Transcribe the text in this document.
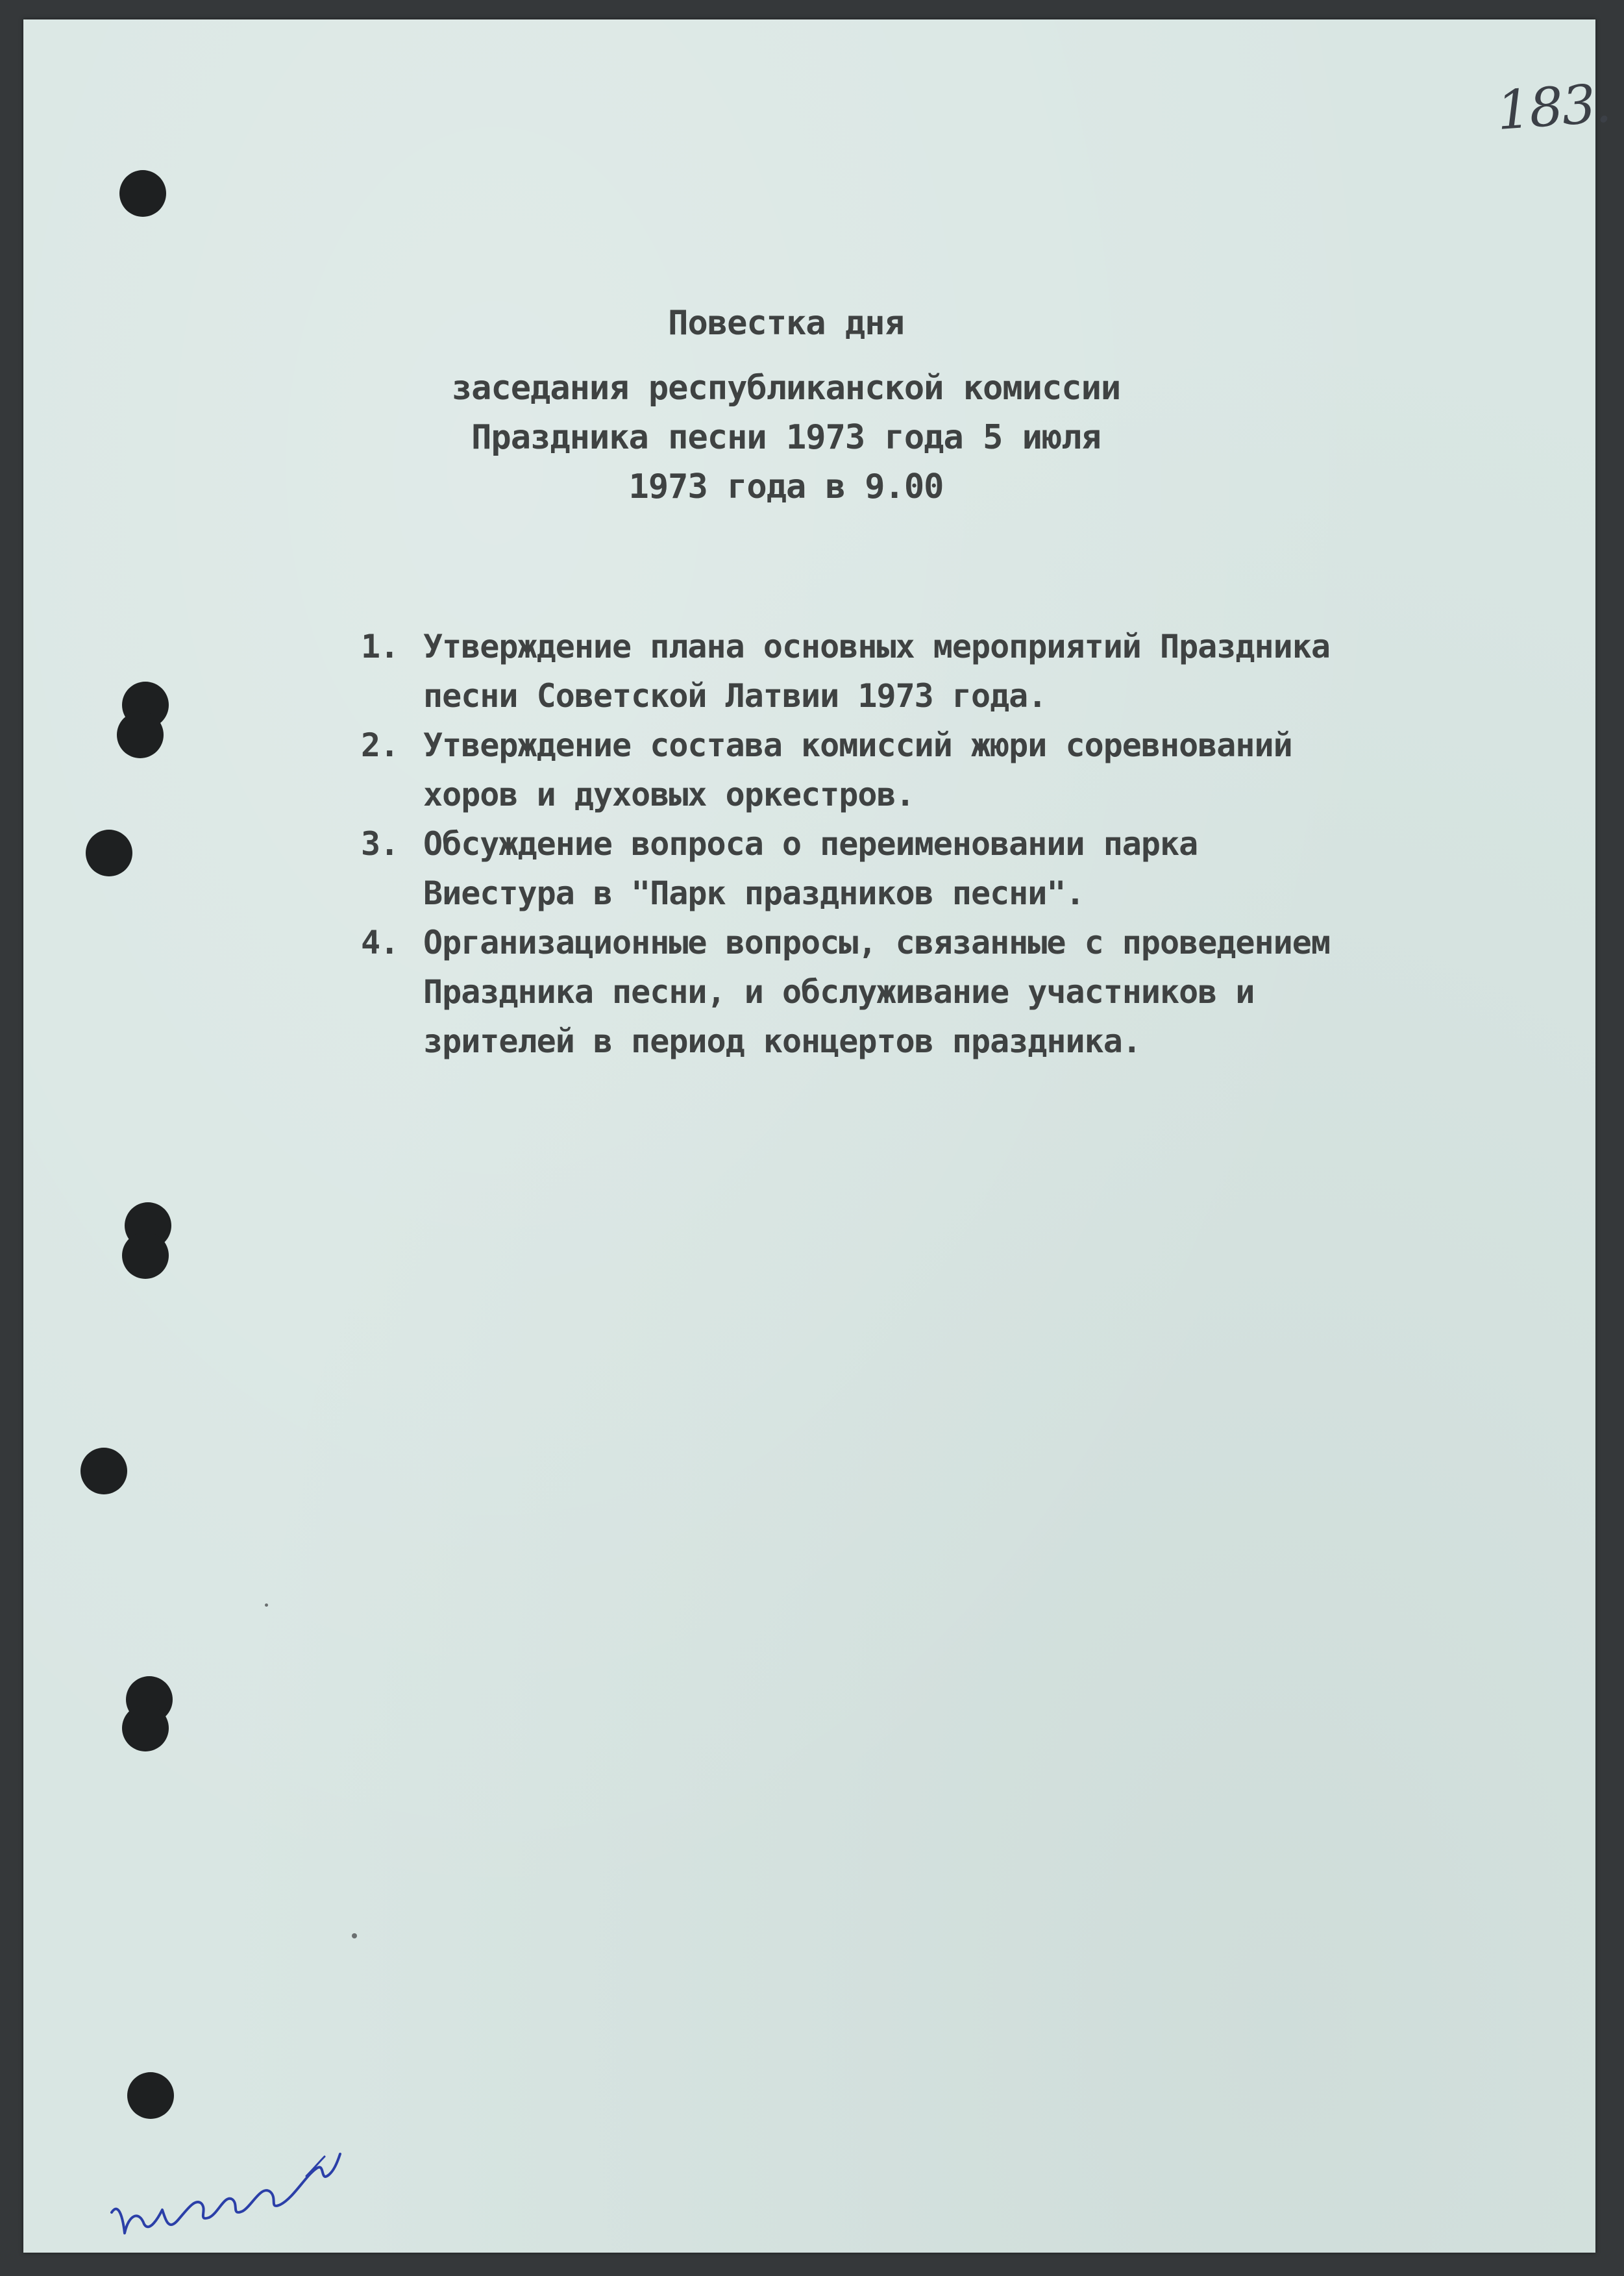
183.
Повестка дня
заседания республиканской комиссии
Праздника песни 1973 года 5 июля
1973 года в 9.00
1. Утверждение плана основных мероприятий Праздника
песни Советской Латвии 1973 года.
2. Утверждение состава комиссий жюри соревнований
хоров и духовых оркестров.
3. Обсуждение вопроса о переименовании парка
Виестура в "Парк праздников песни".
4. Организационные вопросы, связанные с проведением
Праздника песни, и обслуживание участников и
зрителей в период концертов праздника.
